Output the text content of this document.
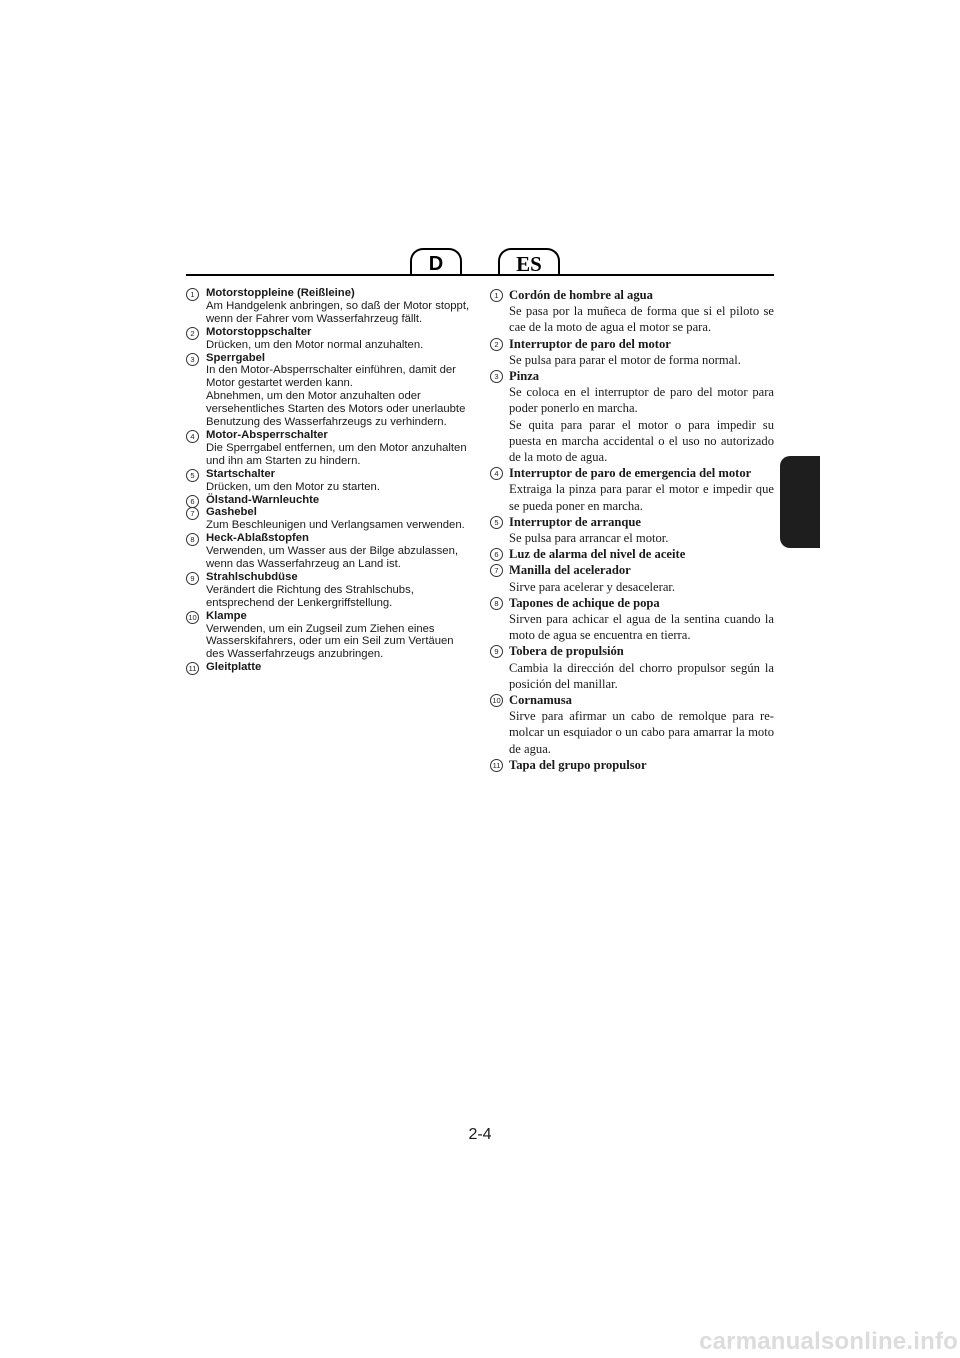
D	ES
1	Motorstoppleine (Reißleine)
Am Handgelenk anbringen, so daß der Motor stoppt, wenn der Fahrer vom Wasserfahrzeug fällt.
2	Motorstoppschalter
Drücken, um den Motor normal anzuhalten.
3	Sperrgabel
In den Motor-Absperrschalter einführen, damit der Motor gestartet werden kann.
Abnehmen, um den Motor anzuhalten oder versehentliches Starten des Motors oder unerlaubte Benutzung des Wasserfahrzeugs zu verhindern.
4	Motor-Absperrschalter
Die Sperrgabel entfernen, um den Motor anzuhalten und ihn am Starten zu hindern.
5	Startschalter
Drücken, um den Motor zu starten.
6	Ölstand-Warnleuchte
7	Gashebel
Zum Beschleunigen und Verlangsamen verwenden.
8	Heck-Ablaßstopfen
Verwenden, um Wasser aus der Bilge abzulassen, wenn das Wasserfahrzeug an Land ist.
9	Strahlschubdüse
Verändert die Richtung des Strahlschubs, entsprechend der Lenkergriffstellung.
10 Klampe
Verwenden, um ein Zugseil zum Ziehen eines Wasserskifahrers, oder um ein Seil zum Vertäuen des Wasserfahrzeugs anzubringen.
11 Gleitplatte
1 Cordón de hombre al agua
Se pasa por la muñeca de forma que si el piloto se cae de la moto de agua el motor se para.
2 Interruptor de paro del motor
Se pulsa para parar el motor de forma normal.
3 Pinza
Se coloca en el interruptor de paro del motor para poder ponerlo en marcha.
Se quita para parar el motor o para impedir su puesta en marcha accidental o el uso no autorizado de la moto de agua.
4 Interruptor de paro de emergencia del motor
Extraiga la pinza para parar el motor e impedir que se pueda poner en marcha.
5 Interruptor de arranque
Se pulsa para arrancar el motor.
6 Luz de alarma del nivel de aceite
7 Manilla del acelerador
Sirve para acelerar y desacelerar.
8 Tapones de achique de popa
Sirven para achicar el agua de la sentina cuando la moto de agua se encuentra en tierra.
9 Tobera de propulsión
Cambia la dirección del chorro propulsor según la posición del manillar.
10 Cornamusa
Sirve para afirmar un cabo de remolque para re-molcar un esquiador o un cabo para amarrar la moto de agua.
11 Tapa del grupo propulsor
2-4
carmanualsonline.info
